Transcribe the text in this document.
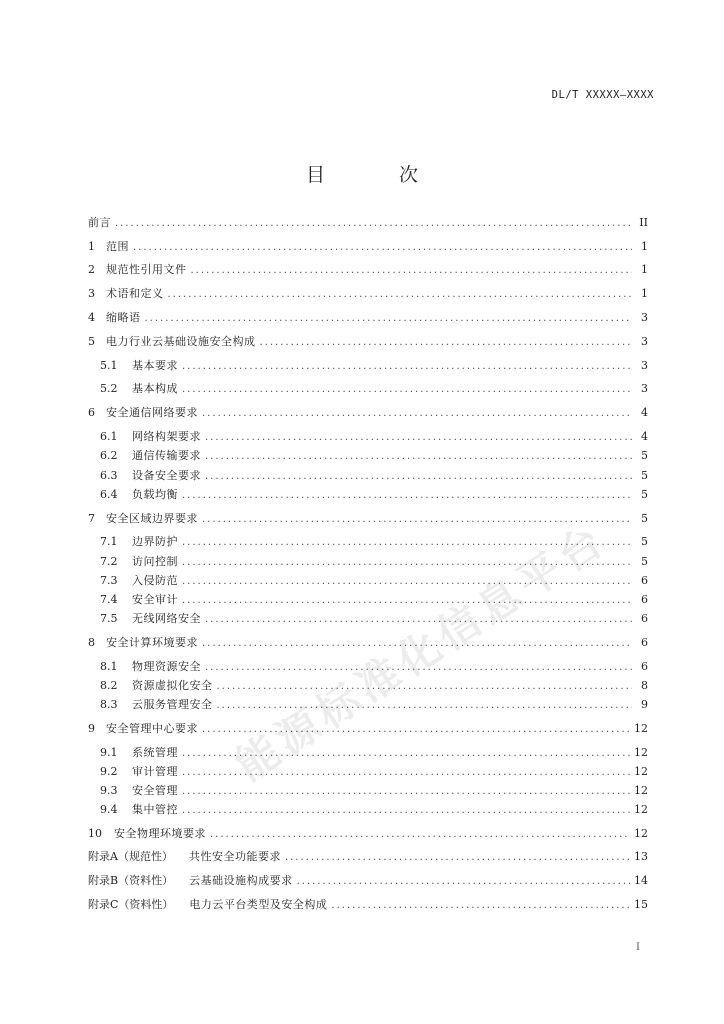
DL/T XXXXX—XXXX
目 次
能源标准化信息平台
前言 .....	II
1	范围 .....	1
2	规范性引用文件 .....	1
3	术语和定义 .....	1
4	缩略语 .....	3
5	电力行业云基础设施安全构成 .....	3
5.1	基本要求 .....	3
5.2	基本构成 .....	3
6	安全通信网络要求 .....	4
6.1	网络构架要求 .....	4
6.2	通信传输要求 .....	5
6.3	设备安全要求 .....	5
6.4	负载均衡 .....	5
7	安全区域边界要求 .....	5
7.1	边界防护 .....	5
7.2	访问控制 .....	5
7.3	入侵防范 .....	6
7.4	安全审计 .....	6
7.5	无线网络安全 .....	6
8	安全计算环境要求 .....	6
8.1	物理资源安全 .....	6
8.2	资源虚拟化安全 .....	8
8.3	云服务管理安全 .....	9
9	安全管理中心要求 .....	12
9.1	系统管理 .....	12
9.2	审计管理 .....	12
9.3	安全管理 .....	12
9.4	集中管控 .....	12
10	安全物理环境要求 .....	12
附录A（规范性） 共性安全功能要求 .....	13
附录B（资料性） 云基础设施构成要求 .....	14
附录C（资料性） 电力云平台类型及安全构成 .....	15
I
